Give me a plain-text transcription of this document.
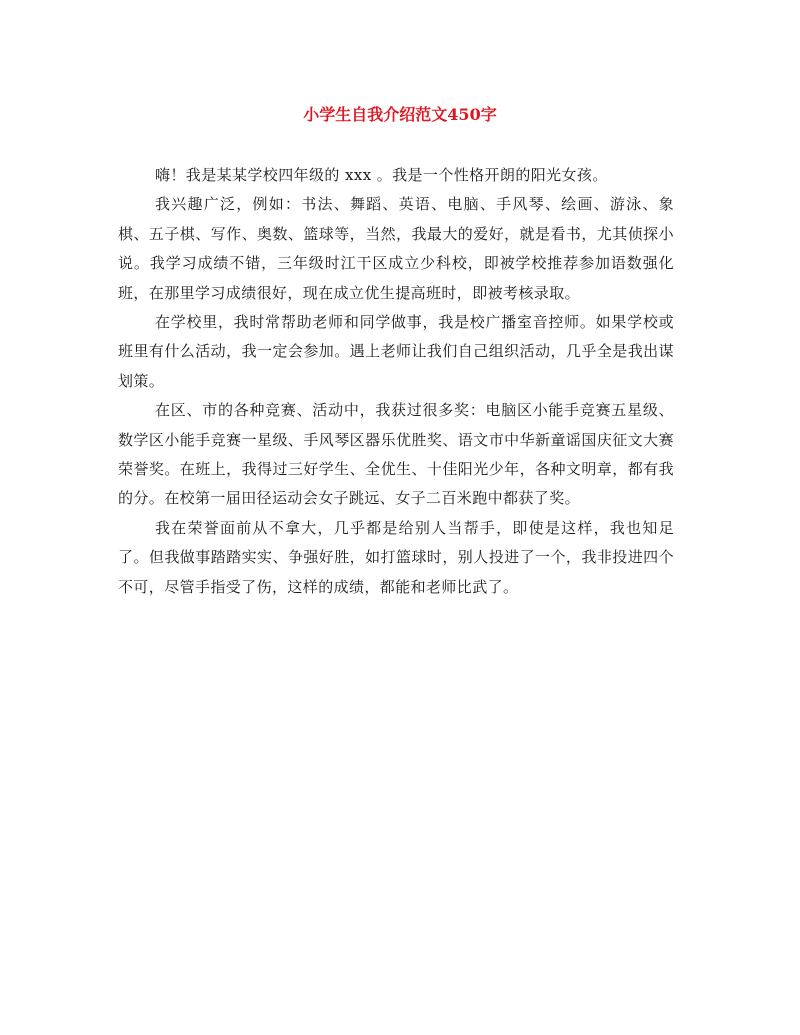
小学生自我介绍范文450字

嗨！我是某某学校四年级的 xxx 。我是一个性格开朗的阳光女孩。

我兴趣广泛，例如：书法、舞蹈、英语、电脑、手风琴、绘画、游泳、象棋、五子棋、写作、奥数、篮球等，当然，我最大的爱好，就是看书，尤其侦探小说。我学习成绩不错，三年级时江干区成立少科校，即被学校推荐参加语数强化班，在那里学习成绩很好，现在成立优生提高班时，即被考核录取。

在学校里，我时常帮助老师和同学做事，我是校广播室音控师。如果学校或班里有什么活动，我一定会参加。遇上老师让我们自己组织活动，几乎全是我出谋划策。

在区、市的各种竞赛、活动中，我获过很多奖：电脑区小能手竞赛五星级、数学区小能手竞赛一星级、手风琴区器乐优胜奖、语文市中华新童谣国庆征文大赛荣誉奖。在班上，我得过三好学生、全优生、十佳阳光少年，各种文明章，都有我的分。在校第一届田径运动会女子跳远、女子二百米跑中都获了奖。

我在荣誉面前从不拿大，几乎都是给别人当帮手，即使是这样，我也知足了。但我做事踏踏实实、争强好胜，如打篮球时，别人投进了一个，我非投进四个不可，尽管手指受了伤，这样的成绩，都能和老师比武了。
